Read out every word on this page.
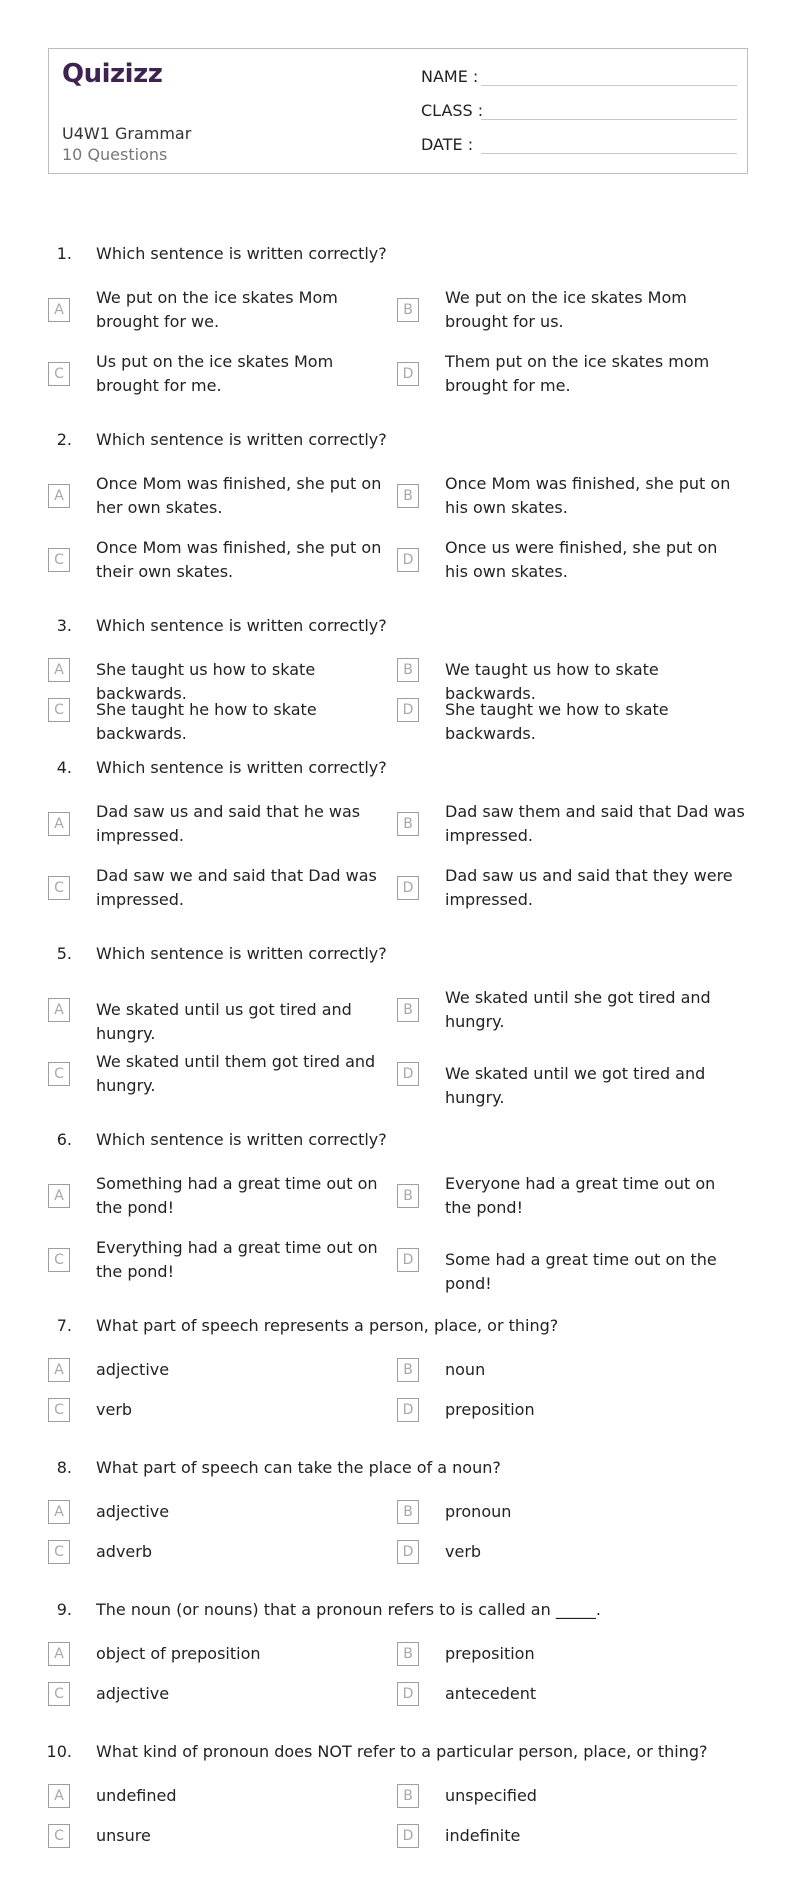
Quizizz
U4W1 Grammar
10 Questions
NAME :
CLASS :
DATE :
1. Which sentence is written correctly?
A
We put on the ice skates Mom brought for we.
B
We put on the ice skates Mom brought for us.
C
Us put on the ice skates Mom brought for me.
D
Them put on the ice skates mom brought for me.
2. Which sentence is written correctly?
A
Once Mom was finished, she put on her own skates.
B
Once Mom was finished, she put on his own skates.
C
Once Mom was finished, she put on their own skates.
D
Once us were finished, she put on his own skates.
3. Which sentence is written correctly?
A	She taught us how to skate backwards.
B	We taught us how to skate backwards.
C	She taught he how to skate backwards.
D	She taught we how to skate backwards.
4. Which sentence is written correctly?
A
Dad saw us and said that he was impressed.
B
Dad saw them and said that Dad was impressed.
C
Dad saw we and said that Dad was impressed.
D
Dad saw us and said that they were impressed.
5. Which sentence is written correctly?
A	We skated until us got tired and hungry.
B
We skated until she got tired and hungry.
C
We skated until them got tired and hungry.
D	We skated until we got tired and hungry.
6. Which sentence is written correctly?
A
Something had a great time out on the pond!
B
Everyone had a great time out on the pond!
C
Everything had a great time out on the pond!
D	Some had a great time out on the pond!
7. What part of speech represents a person, place, or thing?
A	adjective	B	noun
C	verb	D	preposition
8. What part of speech can take the place of a noun?
A	adjective	B	pronoun
C	adverb	D	verb
9. The noun (or nouns) that a pronoun refers to is called an _____.
A	object of preposition	B	preposition
C	adjective	D	antecedent
10. What kind of pronoun does NOT refer to a particular person, place, or thing?
A	undefined	B	unspecified
C	unsure	D	indefinite
